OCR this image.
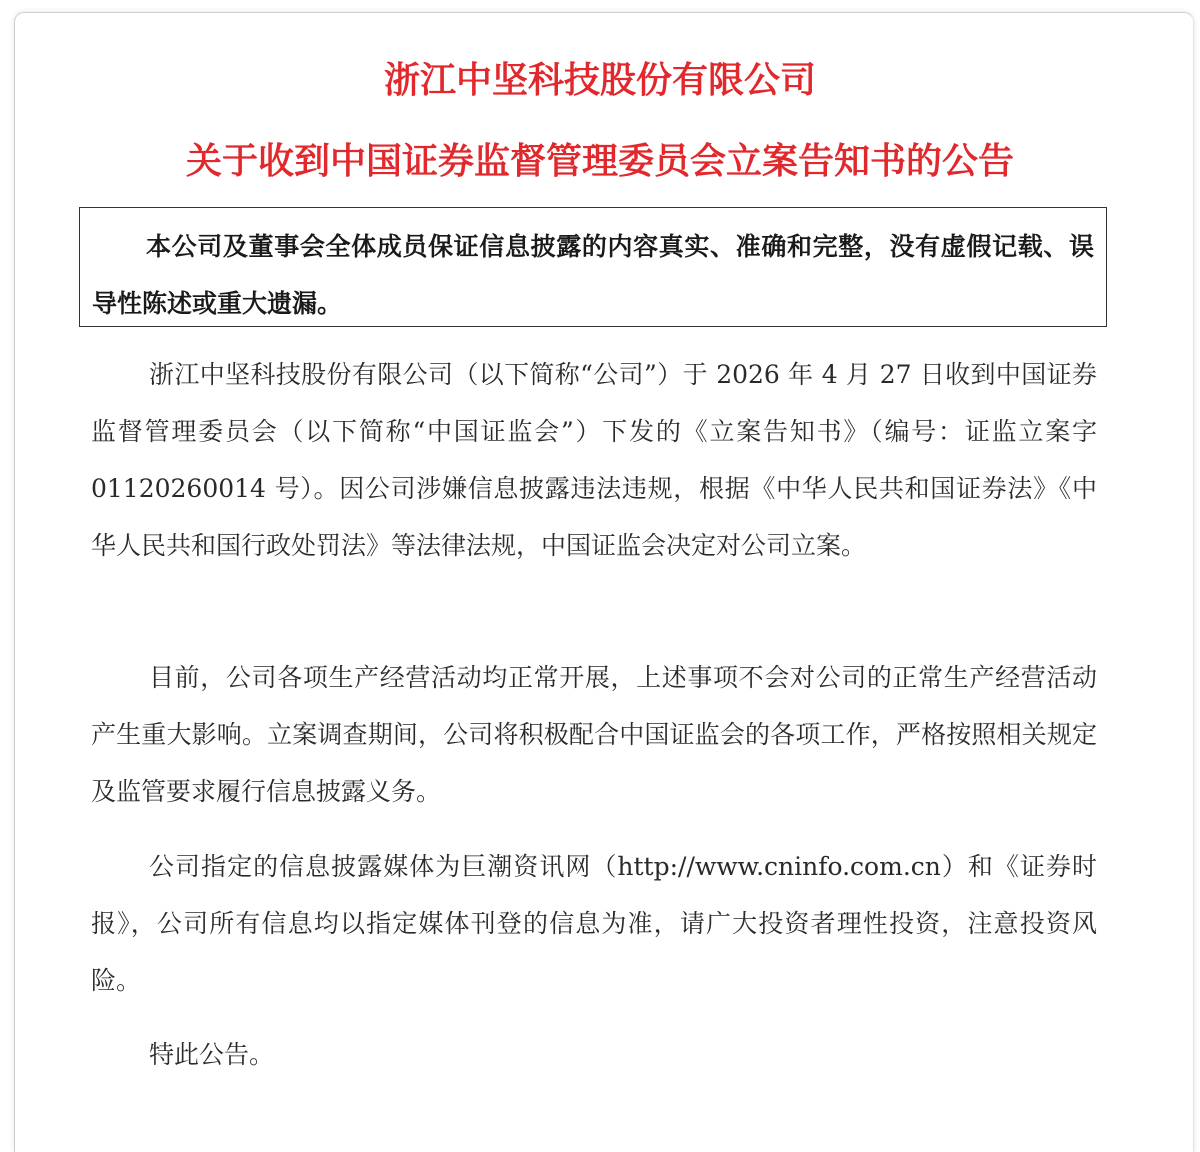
浙江中坚科技股份有限公司
关于收到中国证券监督管理委员会立案告知书的公告

本公司及董事会全体成员保证信息披露的内容真实、准确和完整，没有虚假记载、误导性陈述或重大遗漏。

浙江中坚科技股份有限公司（以下简称“公司”）于 2026 年 4 月 27 日收到中国证券监督管理委员会（以下简称“中国证监会”）下发的《立案告知书》（编号：证监立案字 01120260014 号）。因公司涉嫌信息披露违法违规，根据《中华人民共和国证券法》《中华人民共和国行政处罚法》等法律法规，中国证监会决定对公司立案。

目前，公司各项生产经营活动均正常开展，上述事项不会对公司的正常生产经营活动产生重大影响。立案调查期间，公司将积极配合中国证监会的各项工作，严格按照相关规定及监管要求履行信息披露义务。

公司指定的信息披露媒体为巨潮资讯网（http://www.cninfo.com.cn）和《证券时报》，公司所有信息均以指定媒体刊登的信息为准，请广大投资者理性投资，注意投资风险。

特此公告。
